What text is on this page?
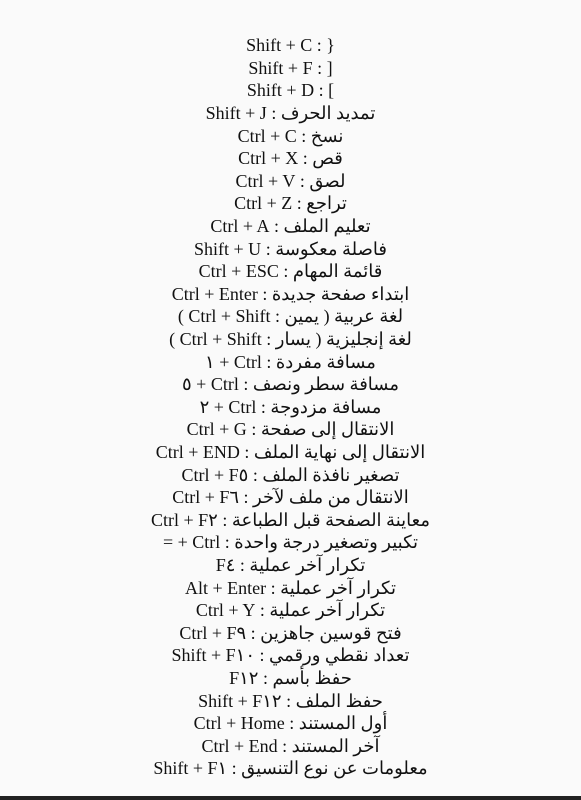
Shift + C : }
Shift + F : ]
Shift + D : [
تمديد الحرف : Shift + J
نسخ : Ctrl + C
قص : Ctrl + X
لصق : Ctrl + V
تراجع : Ctrl + Z
تعليم الملف : Ctrl + A
فاصلة معكوسة : Shift + U
قائمة المهام : Ctrl + ESC
ابتداء صفحة جديدة : Ctrl + Enter
لغة عربية ( يمين : Ctrl + Shift )
لغة إنجليزية ( يسار : Ctrl + Shift )
مسافة مفردة : Ctrl + ١
مسافة سطر ونصف : Ctrl + ٥
مسافة مزدوجة : Ctrl + ٢
الانتقال إلى صفحة : Ctrl + G
الانتقال إلى نهاية الملف : Ctrl + END
تصغير نافذة الملف : Ctrl + F٥
الانتقال من ملف لآخر : Ctrl + F٦
معاينة الصفحة قبل الطباعة : Ctrl + F٢
تكبير وتصغير درجة واحدة : Ctrl + =
تكرار آخر عملية : F٤
تكرار آخر عملية : Alt + Enter
تكرار آخر عملية : Ctrl + Y
فتح قوسين جاهزين : Ctrl + F٩
تعداد نقطي ورقمي : Shift + F١٠
حفظ بأسم : F١٢
حفظ الملف : Shift + F١٢
أول المستند : Ctrl + Home
آخر المستند : Ctrl + End
معلومات عن نوع التنسيق : Shift + F١
